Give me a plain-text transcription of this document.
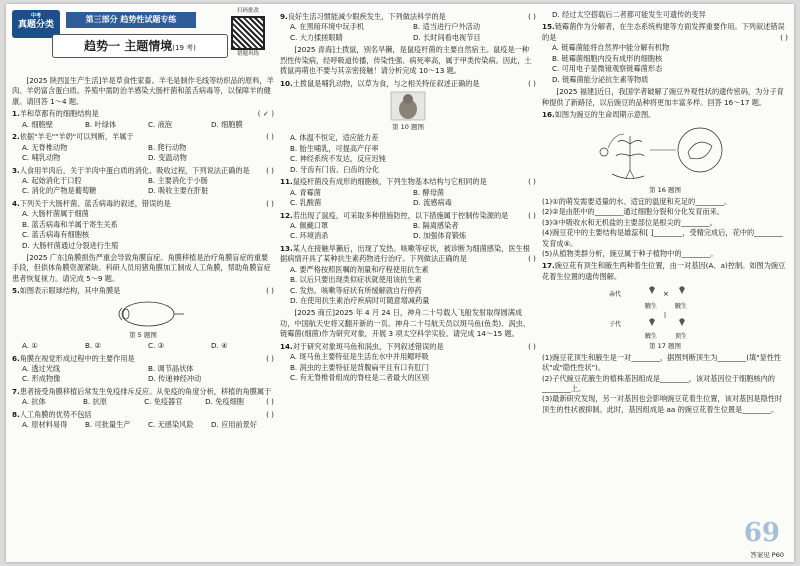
中考
真题分类
第三部分 趋势性试题专练
扫码批改
错题巩练
趋势一 主题情境(19 考)

[2025 陕西][生产生活]羊是草食性家畜。羊毛是制作毛线等纺织品的原料，羊肉、羊奶富含蛋白质。养殖中需防治羊感染大肠杆菌和蓝舌病毒等，以保障羊的健康。请回答 1～4 题。

1.羊和草都有的细胞结构是	( ✓ )

A. 细胞壁	B. 叶绿体	C. 液泡	D. 细胞膜

2.依据"羊毛""羊奶"可以判断，羊属于	( )

A. 无脊椎动物	B. 爬行动物
C. 哺乳动物	D. 变温动物

3.人食用羊肉后，关于羊肉中蛋白质的消化、吸收过程，下列说法正确的是 ( )

A. 起始消化于口腔	B. 主要消化于小肠
C. 消化的产物是葡萄糖	D. 吸收主要在肝脏

4.下列关于大肠杆菌、蓝舌病毒的叙述，错误的是	( )

A. 大肠杆菌属于细菌
B. 蓝舌病毒和羊属于寄生关系
C. 蓝舌病毒有细胞核
D. 大肠杆菌通过分裂进行生殖

[2025 广东]角膜损伤严重会导致角膜盲症。角膜移植是治疗角膜盲症的重要手段，但供体角膜资源紧缺。科研人员用猪角膜加工制成人工角膜，帮助角膜盲症患者恢复视力。请完成 5～9 题。

5.如图表示眼球结构，其中角膜是	( )

第 5 题图
A. ①	B. ②	C. ③	D. ④

6.角膜在视觉形成过程中的主要作用是	( )

A. 透过光线	B. 调节晶状体
C. 形成物像	D. 传递神经冲动

7.患者接受角膜移植后常发生免疫排斥反应。从免疫的角度分析，移植的角膜属于
( )

A. 抗体	B. 抗原	C. 免疫器官	D. 免疫细胞

8.人工角膜的优势不包括	( )

A. 原材料易得	B. 可批量生产	C. 无感染风险	D. 应用前景好

9.良好生活习惯能减少眼疾发生，下列做法科学的是	( )

A. 在黑暗环境中玩手机	B. 适当进行户外活动
C. 大力揉搓眼睛	D. 长时间看电视节目

[2025 青海]土拨鼠，别名旱獭，是鼠疫杆菌的主要自然宿主。鼠疫是一种烈性传染病，经呼吸道传播，传染性强、病死率高，属于甲类传染病。因此，土拨鼠再萌也不要与其亲密接触！请分析完成 10～13 题。

10.土拨鼠是哺乳动物，以草为食，与之相关特征叙述正确的是	( )

第 10 题图
A. 体温不恒定，适应能力差
B. 胎生哺乳，可提高产仔率
C. 神经系统不发达，反应迟钝
D. 牙齿有门齿、臼齿的分化

11.鼠疫杆菌没有成形的细胞核，下列生物基本结构与它相同的是	( )

A. 青霉菌	B. 酵母菌
C. 乳酸菌	D. 流感病毒

12.若出现了鼠疫，可采取多种措施防控，以下措施属于控制传染源的是	( )

A. 佩戴口罩	B. 隔离感染者
C. 环境消杀	D. 加强体育锻炼

13.某人在接触旱獭后，出现了发热、咳嗽等症状，被诊断为细菌感染，医生根据病情开具了某种抗生素药物进行治疗。下列做法正确的是	( )

A. 要严格按照医嘱的剂量和疗程使用抗生素
B. 以后只要出现类似症状就使用该抗生素
C. 发热、咳嗽等症状有所缓解就自行停药
D. 在使用抗生素治疗疾病时可随意增减药量

[2025 商丘]2025 年 4 月 24 日，神舟二十号载人飞船发射取得圆满成功，中国航天史将又翻开新的一页。神舟二十号航天员以斑马鱼(鱼类)、涡虫、链霉菌(细菌)作为研究对象，开展 3 项太空科学实验。请完成 14～15 题。

14.对于研究对象斑马鱼和涡虫，下列叙述错误的是	( )

A. 斑马鱼主要特征是生活在水中并用鳃呼吸
B. 涡虫的主要特征是背腹扁平且有口有肛门
C. 有无脊椎骨组成的脊柱是二者最大的区别
D. 经过太空搭载后二者都可能发生可遗传的变异

15.链霉菌作为分解者，在生态系统构建等方面发挥重要作用。下列叙述错误的是	( )

A. 链霉菌能将自然界中能分解有机物
B. 链霉菌细胞内没有成形的细胞核
C. 可用电子显微镜观察链霉菌形态
D. 链霉菌能分泌抗生素等物质

[2025 福建]近日，我国学者破解了豌豆外观性状的遗传密码，为分子育种提供了新路径，以后豌豆的品种将更加丰富多样。回答 16～17 题。

16.如图为豌豆的生命周期示意图。

第 16 题图
(1)①的萌发需要适量的水、适宜的温度和充足的________。
(2)②是由胚中的________通过细胞分裂和分化发育而来。
(3)③中吸收水和无机盐的主要部位是根尖的________。
(4)豌豆花中的主要结构是雄蕊和[ ]________，受精完成后，花中的________发育成⑤。
(5)从植物类群分析，豌豆属于种子植物中的________。

17.豌豆花有顶生和腋生两种着生位置，由一对基因(A、a)控制。如图为豌豆花着生位置的遗传图解。

亲代
腋生
×
腋生
子代
腋生	顶生
第 17 题图
(1)豌豆花顶生和腋生是一对________，据图判断顶生为________(填"显性性状"或"隐性性状")。
(2)子代豌豆花腋生的植株基因组成是________，该对基因位于细胞核内的________上。
(3)最新研究发现，另一对基因也会影响豌豆花着生位置，该对基因是隐性时顶生的性状被抑制。此时，基因组成是 aa 的豌豆花着生位置是________。
69
答案见 P60
